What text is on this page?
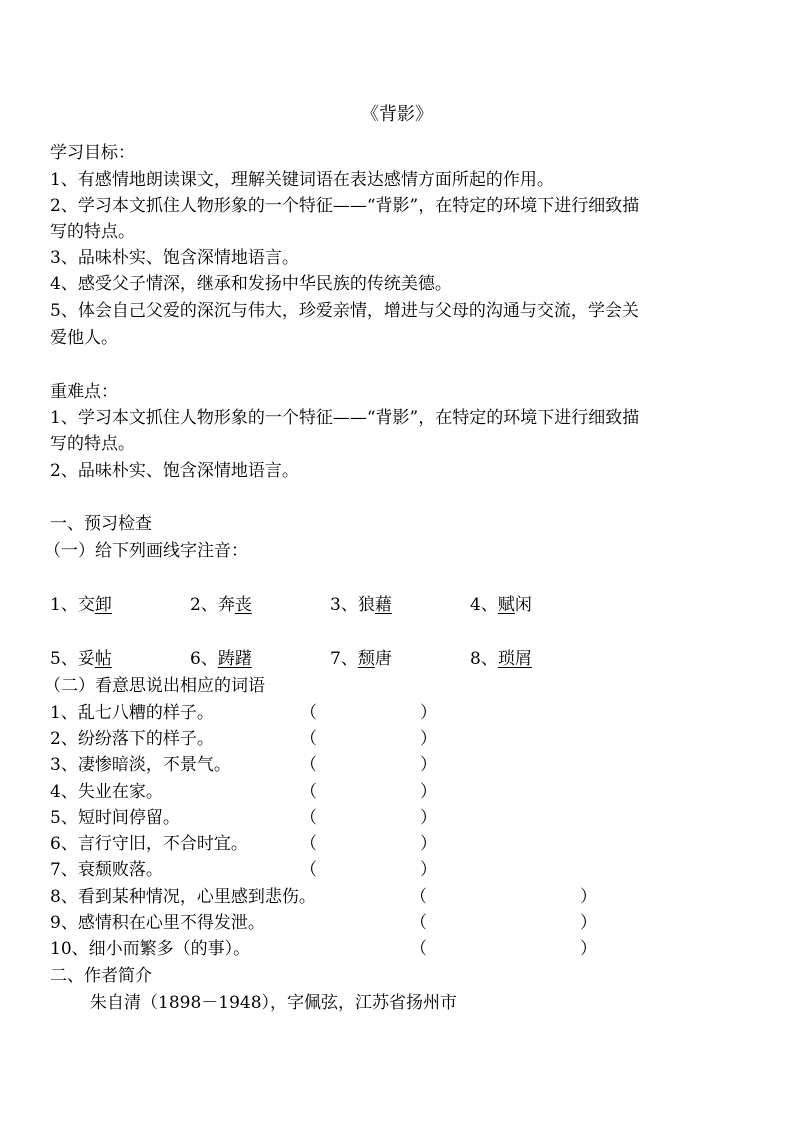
《背影》
学习目标：
1、有感情地朗读课文，理解关键词语在表达感情方面所起的作用。
2、学习本文抓住人物形象的一个特征——“背影”，在特定的环境下进行细致描
写的特点。
3、品味朴实、饱含深情地语言。
4、感受父子情深，继承和发扬中华民族的传统美德。
5、体会自己父爱的深沉与伟大，珍爱亲情，增进与父母的沟通与交流，学会关
爱他人。
重难点：
1、学习本文抓住人物形象的一个特征——“背影”，在特定的环境下进行细致描
写的特点。
2、品味朴实、饱含深情地语言。
一、预习检查
（一）给下列画线字注音：
1、交卸	2、奔丧	3、狼藉	4、赋闲
5、妥帖	6、踌躇	7、颓唐	8、琐屑
（二）看意思说出相应的词语
1、乱七八糟的样子。	（	）
2、纷纷落下的样子。	（	）
3、凄惨暗淡，不景气。	（	）
4、失业在家。	（	）
5、短时间停留。	（	）
6、言行守旧，不合时宜。	（	）
7、衰颓败落。	（	）
8、看到某种情况，心里感到悲伤。	（	）
9、感情积在心里不得发泄。	（	）
10、细小而繁多（的事）。	（	）
二、作者简介
朱自清（1898－1948），字佩弦，江苏省扬州市
